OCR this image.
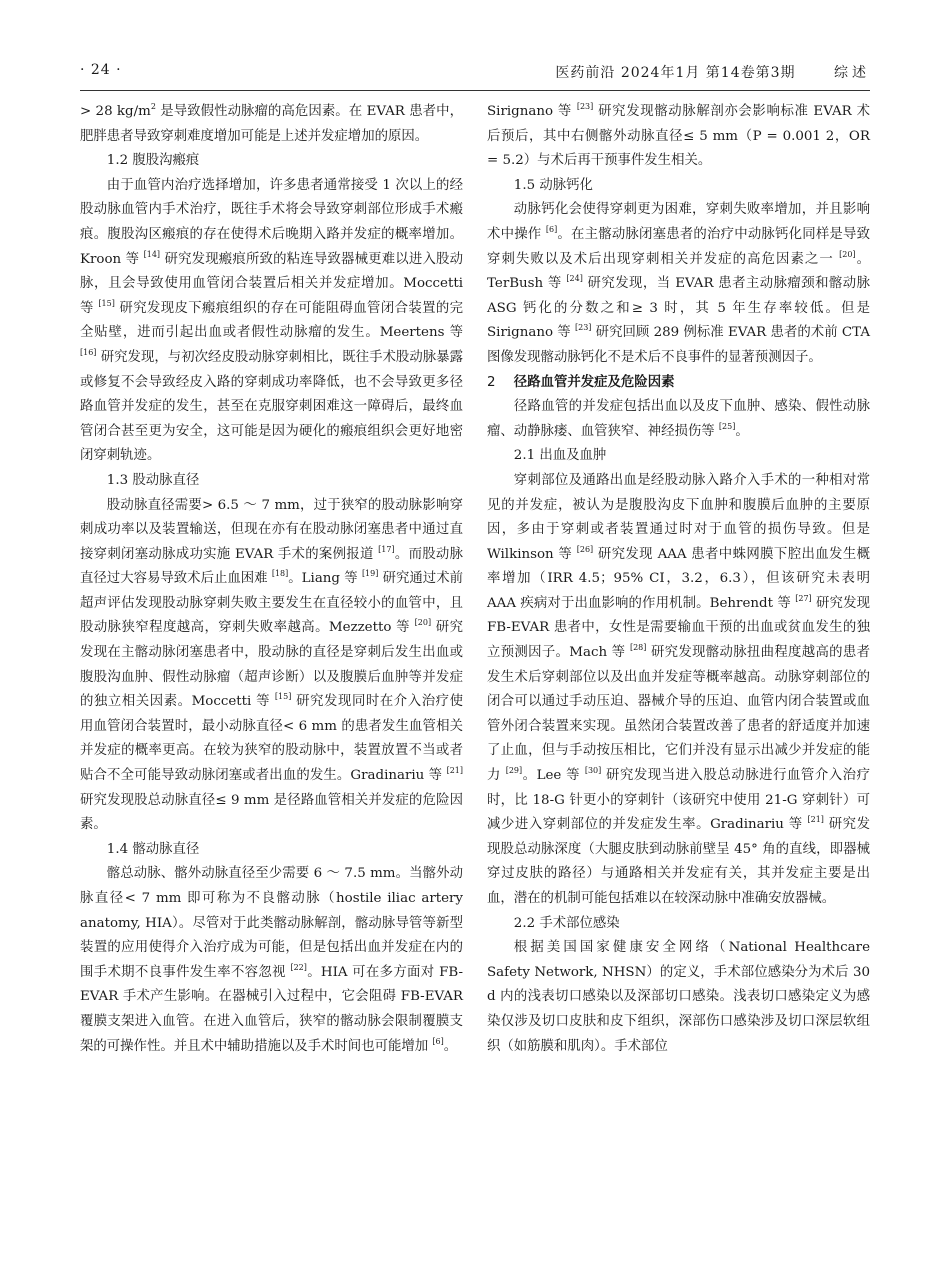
· 24 ·	医药前沿 2024年1月 第14卷第3期	综述

> 28 $kg/m^2$ 是导致假性动脉瘤的高危因素。在 EVAR 患者中，肥胖患者导致穿刺难度增加可能是上述并发症增加的原因。

1.2 腹股沟瘢痕

由于血管内治疗选择增加，许多患者通常接受 1 次以上的经股动脉血管内手术治疗，既往手术将会导致穿刺部位形成手术瘢痕。腹股沟区瘢痕的存在使得术后晚期入路并发症的概率增加。Kroon 等 [14] 研究发现瘢痕所致的粘连导致器械更难以进入股动脉，且会导致使用血管闭合装置后相关并发症增加。Moccetti 等 [15] 研究发现皮下瘢痕组织的存在可能阻碍血管闭合装置的完全贴壁，进而引起出血或者假性动脉瘤的发生。Meertens 等 [16] 研究发现，与初次经皮股动脉穿刺相比，既往手术股动脉暴露或修复不会导致经皮入路的穿刺成功率降低，也不会导致更多径路血管并发症的发生，甚至在克服穿刺困难这一障碍后，最终血管闭合甚至更为安全，这可能是因为硬化的瘢痕组织会更好地密闭穿刺轨迹。

1.3 股动脉直径

股动脉直径需要> 6.5 ～ 7 mm，过于狭窄的股动脉影响穿刺成功率以及装置输送，但现在亦有在股动脉闭塞患者中通过直接穿刺闭塞动脉成功实施 EVAR 手术的案例报道 [17]。而股动脉直径过大容易导致术后止血困难 [18]。Liang 等 [19] 研究通过术前超声评估发现股动脉穿刺失败主要发生在直径较小的血管中，且股动脉狭窄程度越高，穿刺失败率越高。Mezzetto 等 [20] 研究发现在主髂动脉闭塞患者中，股动脉的直径是穿刺后发生出血或腹股沟血肿、假性动脉瘤（超声诊断）以及腹膜后血肿等并发症的独立相关因素。Moccetti 等 [15] 研究发现同时在介入治疗使用血管闭合装置时，最小动脉直径< 6 mm 的患者发生血管相关并发症的概率更高。在较为狭窄的股动脉中，装置放置不当或者贴合不全可能导致动脉闭塞或者出血的发生。Gradinariu 等 [21] 研究发现股总动脉直径≤ 9 mm 是径路血管相关并发症的危险因素。

1.4 髂动脉直径

髂总动脉、髂外动脉直径至少需要 6 ～ 7.5 mm。当髂外动脉直径< 7 mm 即可称为不良髂动脉（hostile iliac artery anatomy, HIA）。尽管对于此类髂动脉解剖，髂动脉导管等新型装置的应用使得介入治疗成为可能，但是包括出血并发症在内的围手术期不良事件发生率不容忽视 [22]。HIA 可在多方面对 FB-EVAR 手术产生影响。在器械引入过程中，它会阻碍 FB-EVAR 覆膜支架进入血管。在进入血管后，狭窄的髂动脉会限制覆膜支架的可操作性。并且术中辅助措施以及手术时间也可能增加 [6]。

Sirignano 等 [23] 研究发现髂动脉解剖亦会影响标准 EVAR 术后预后，其中右侧髂外动脉直径≤ 5 mm（P = 0.001 2，OR = 5.2）与术后再干预事件发生相关。

1.5 动脉钙化

动脉钙化会使得穿刺更为困难，穿刺失败率增加，并且影响术中操作 [6]。在主髂动脉闭塞患者的治疗中动脉钙化同样是导致穿刺失败以及术后出现穿刺相关并发症的高危因素之一 [20]。TerBush 等 [24] 研究发现，当 EVAR 患者主动脉瘤颈和髂动脉 ASG 钙化的分数之和≥ 3 时，其 5 年生存率较低。但是 Sirignano 等 [23] 研究回顾 289 例标准 EVAR 患者的术前 CTA 图像发现髂动脉钙化不是术后不良事件的显著预测因子。

2 径路血管并发症及危险因素

径路血管的并发症包括出血以及皮下血肿、感染、假性动脉瘤、动静脉瘘、血管狭窄、神经损伤等 [25]。

2.1 出血及血肿

穿刺部位及通路出血是经股动脉入路介入手术的一种相对常见的并发症，被认为是腹股沟皮下血肿和腹膜后血肿的主要原因，多由于穿刺或者装置通过时对于血管的损伤导致。但是 Wilkinson 等 [26] 研究发现 AAA 患者中蛛网膜下腔出血发生概率增加（IRR 4.5；95% CI，3.2，6.3），但该研究未表明 AAA 疾病对于出血影响的作用机制。Behrendt 等 [27] 研究发现 FB-EVAR 患者中，女性是需要输血干预的出血或贫血发生的独立预测因子。Mach 等 [28] 研究发现髂动脉扭曲程度越高的患者发生术后穿刺部位以及出血并发症等概率越高。动脉穿刺部位的闭合可以通过手动压迫、器械介导的压迫、血管内闭合装置或血管外闭合装置来实现。虽然闭合装置改善了患者的舒适度并加速了止血，但与手动按压相比，它们并没有显示出减少并发症的能力 [29]。Lee 等 [30] 研究发现当进入股总动脉进行血管介入治疗时，比 18-G 针更小的穿刺针（该研究中使用 21-G 穿刺针）可减少进入穿刺部位的并发症发生率。Gradinariu 等 [21] 研究发现股总动脉深度（大腿皮肤到动脉前壁呈 45° 角的直线，即器械穿过皮肤的路径）与通路相关并发症有关，其并发症主要是出血，潜在的机制可能包括难以在较深动脉中准确安放器械。

2.2 手术部位感染

根据美国国家健康安全网络（National Healthcare Safety Network, NHSN）的定义，手术部位感染分为术后 30 d 内的浅表切口感染以及深部切口感染。浅表切口感染定义为感染仅涉及切口皮肤和皮下组织，深部伤口感染涉及切口深层软组织（如筋膜和肌肉）。手术部位
